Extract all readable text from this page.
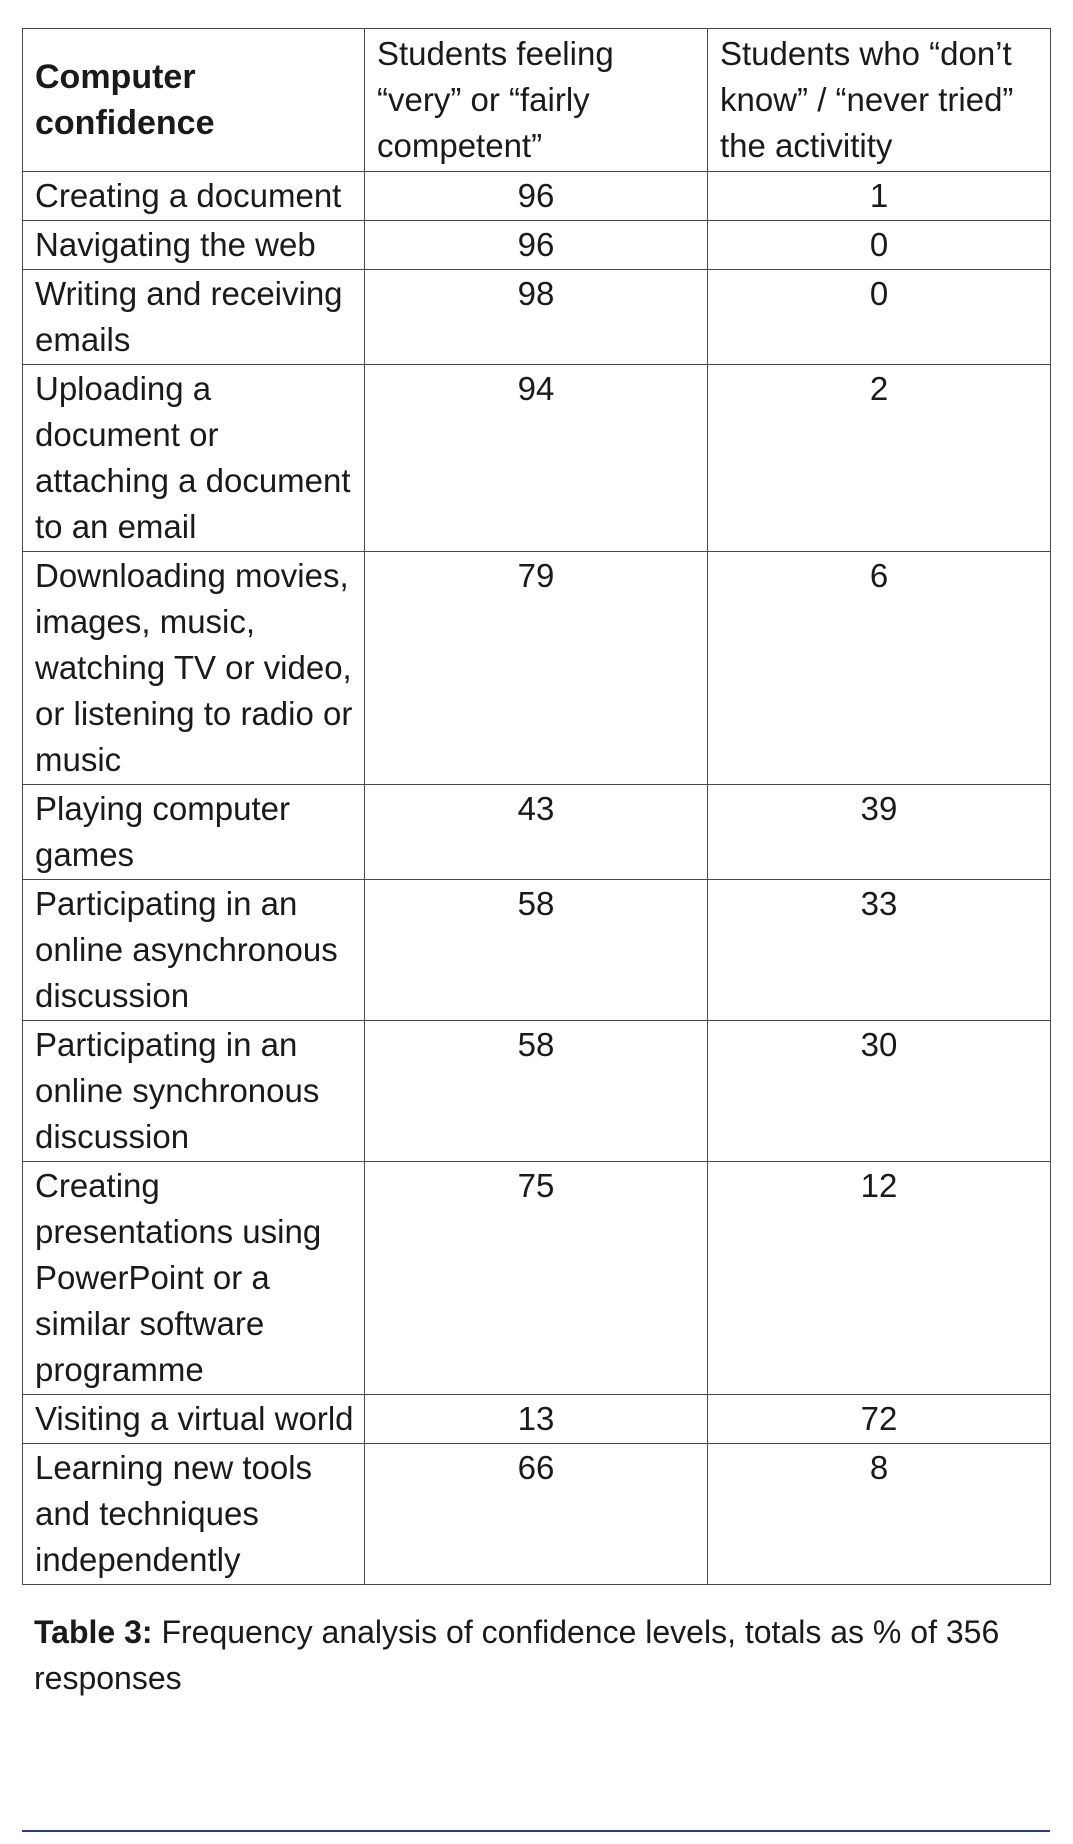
Computer confidence	Students feeling “very” or “fairly competent”	Students who “don’t know” / “never tried” the activitity
Creating a document	96	1
Navigating the web	96	0
Writing and receiving emails	98	0
Uploading a document or attaching a document to an email	94	2
Downloading movies, images, music, watching TV or video, or listening to radio or music	79	6
Playing computer games	43	39
Participating in an online asynchronous discussion	58	33
Participating in an online synchronous discussion	58	30
Creating presentations using PowerPoint or a similar software programme	75	12
Visiting a virtual world	13	72
Learning new tools and techniques independently	66	8
Table 3: Frequency analysis of confidence levels, totals as % of 356 responses
